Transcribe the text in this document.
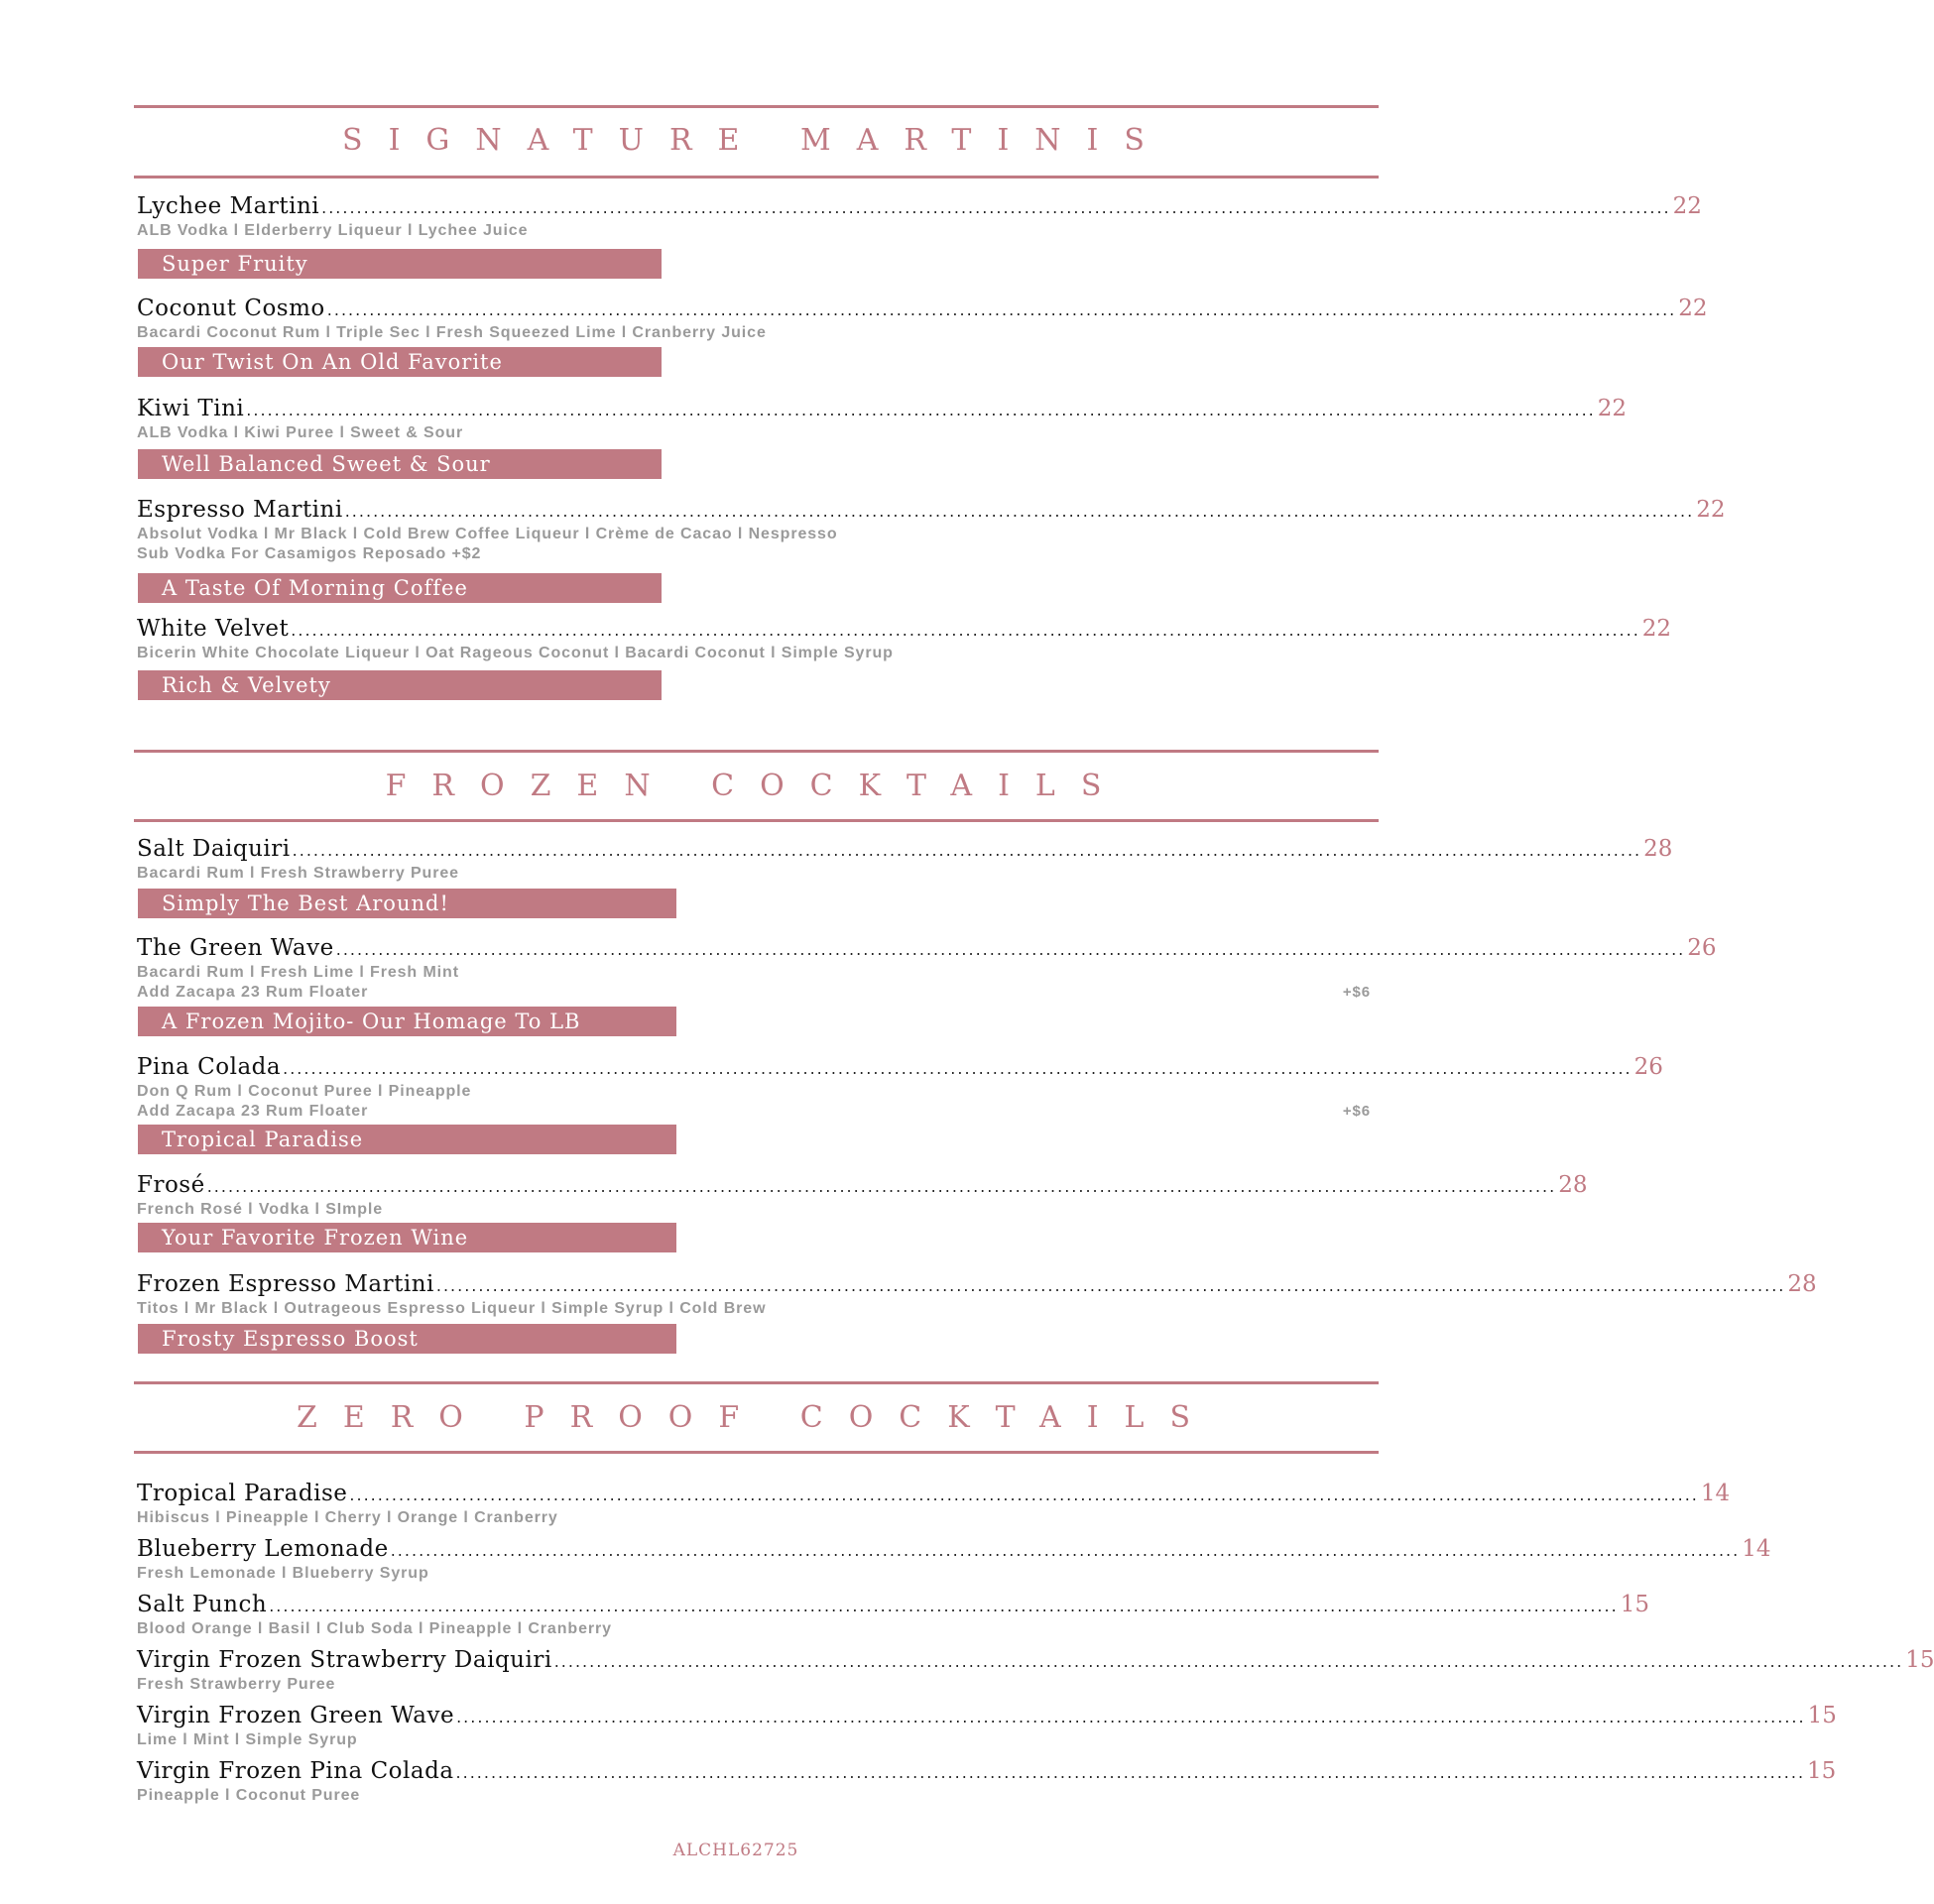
SIGNATURE MARTINIS
Lychee Martini ................................................................................................................................................................................................ 22
ALB Vodka l Elderberry Liqueur l Lychee Juice
Super Fruity
Coconut Cosmo ................................................................................................................................................................................................ 22
Bacardi Coconut Rum l Triple Sec l Fresh Squeezed Lime l Cranberry Juice
Our Twist On An Old Favorite
Kiwi Tini ................................................................................................................................................................................................ 22
ALB Vodka l Kiwi Puree l Sweet & Sour
Well Balanced Sweet & Sour
Espresso Martini ................................................................................................................................................................................................ 22
Absolut Vodka l Mr Black l Cold Brew Coffee Liqueur l Crème de Cacao l Nespresso
Sub Vodka For Casamigos Reposado +$2
A Taste Of Morning Coffee
White Velvet ................................................................................................................................................................................................ 22
Bicerin White Chocolate Liqueur l Oat Rageous Coconut l Bacardi Coconut l Simple Syrup
Rich & Velvety
FROZEN COCKTAILS
Salt Daiquiri ................................................................................................................................................................................................ 28
Bacardi Rum l Fresh Strawberry Puree
Simply The Best Around!
The Green Wave ................................................................................................................................................................................................ 26
Bacardi Rum l Fresh Lime l Fresh Mint
Add Zacapa 23 Rum Floater	+$6
A Frozen Mojito- Our Homage To LB
Pina Colada ................................................................................................................................................................................................ 26
Don Q Rum l Coconut Puree l Pineapple
Add Zacapa 23 Rum Floater	+$6
Tropical Paradise
Frosé ................................................................................................................................................................................................ 28
French Rosé l Vodka l SImple
Your Favorite Frozen Wine
Frozen Espresso Martini ................................................................................................................................................................................................ 28
Titos l Mr Black l Outrageous Espresso Liqueur l Simple Syrup l Cold Brew
Frosty Espresso Boost
ZERO PROOF COCKTAILS
Tropical Paradise ................................................................................................................................................................................................ 14
Hibiscus l Pineapple l Cherry l Orange l Cranberry
Blueberry Lemonade ................................................................................................................................................................................................ 14
Fresh Lemonade l Blueberry Syrup
Salt Punch ................................................................................................................................................................................................ 15
Blood Orange l Basil l Club Soda l Pineapple l Cranberry
Virgin Frozen Strawberry Daiquiri ................................................................................................................................................................................................ 15
Fresh Strawberry Puree
Virgin Frozen Green Wave ................................................................................................................................................................................................ 15
Lime l Mint l Simple Syrup
Virgin Frozen Pina Colada ................................................................................................................................................................................................ 15
Pineapple l Coconut Puree
ALCHL62725
